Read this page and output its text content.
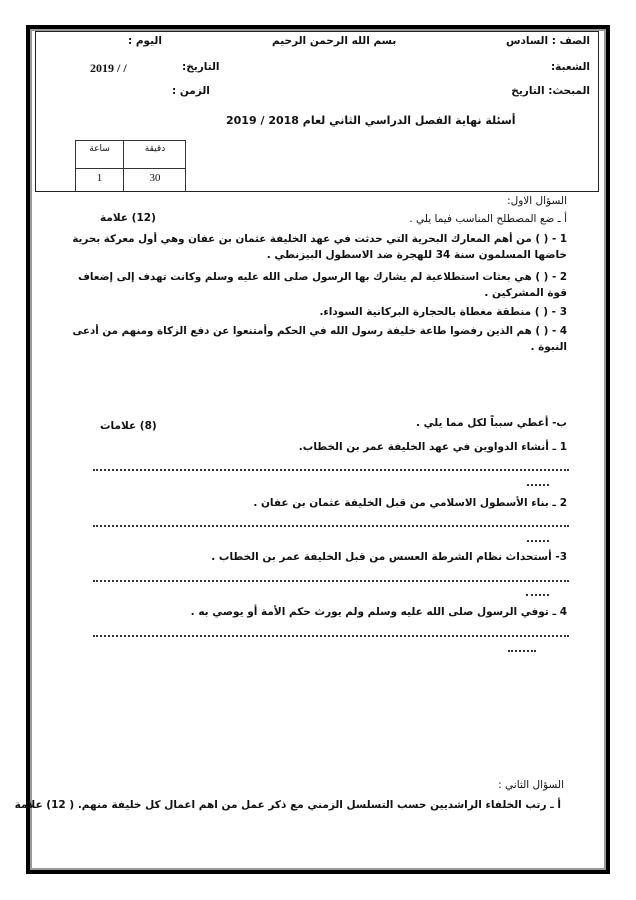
الصف : السادس
بسم الله الرحمن الرحيم
اليوم :
الشعبة:
التاريخ:
2019 / /
المبحث: التاريخ
الزمن :
أسئلة نهاية الفصل الدراسي الثاني لعام 2018 / 2019
دقيقة
ساعة
30
1
السؤال الاول:
أ ـ ضع المصطلح المناسب فيما يلي .
(12) علامة
1 - ( ) من أهم المعارك البحرية التي حدثت في عهد الخليفة عثمان بن عفان وهي أول معركة بحرية
خاضها المسلمون سنة 34 للهجرة ضد الاسطول البيزنطي .
2 - ( ) هي بعثات استطلاعية لم يشارك بها الرسول صلى الله عليه وسلم وكانت تهدف إلى إضعاف
قوة المشركين .
3 - ( ) منطقة مغطاة بالحجارة البركانية السوداء.
4 - ( ) هم الذين رفضوا طاعة خليفة رسول الله في الحكم وأمتنعوا عن دفع الزكاة ومنهم من أدعى
النبوة .
ب- أعطي سبباً لكل مما يلي .
(8) علامات
1 ـ أنشاء الدواوين في عهد الخليفة عمر بن الخطاب.
2 ـ بناء الأسطول الاسلامي من قبل الخليفة عثمان بن عفان .
3- أستحداث نظام الشرطة العسس من قبل الخليفة عمر بن الخطاب .
4 ـ توفي الرسول صلى الله عليه وسلم ولم يورث حكم الأمة أو يوصي به .
السؤال الثاني :
أ ـ رتب الخلفاء الراشديين حسب التسلسل الزمني مع ذكر عمل من اهم اعمال كل خليفة منهم. ( 12) علامة
